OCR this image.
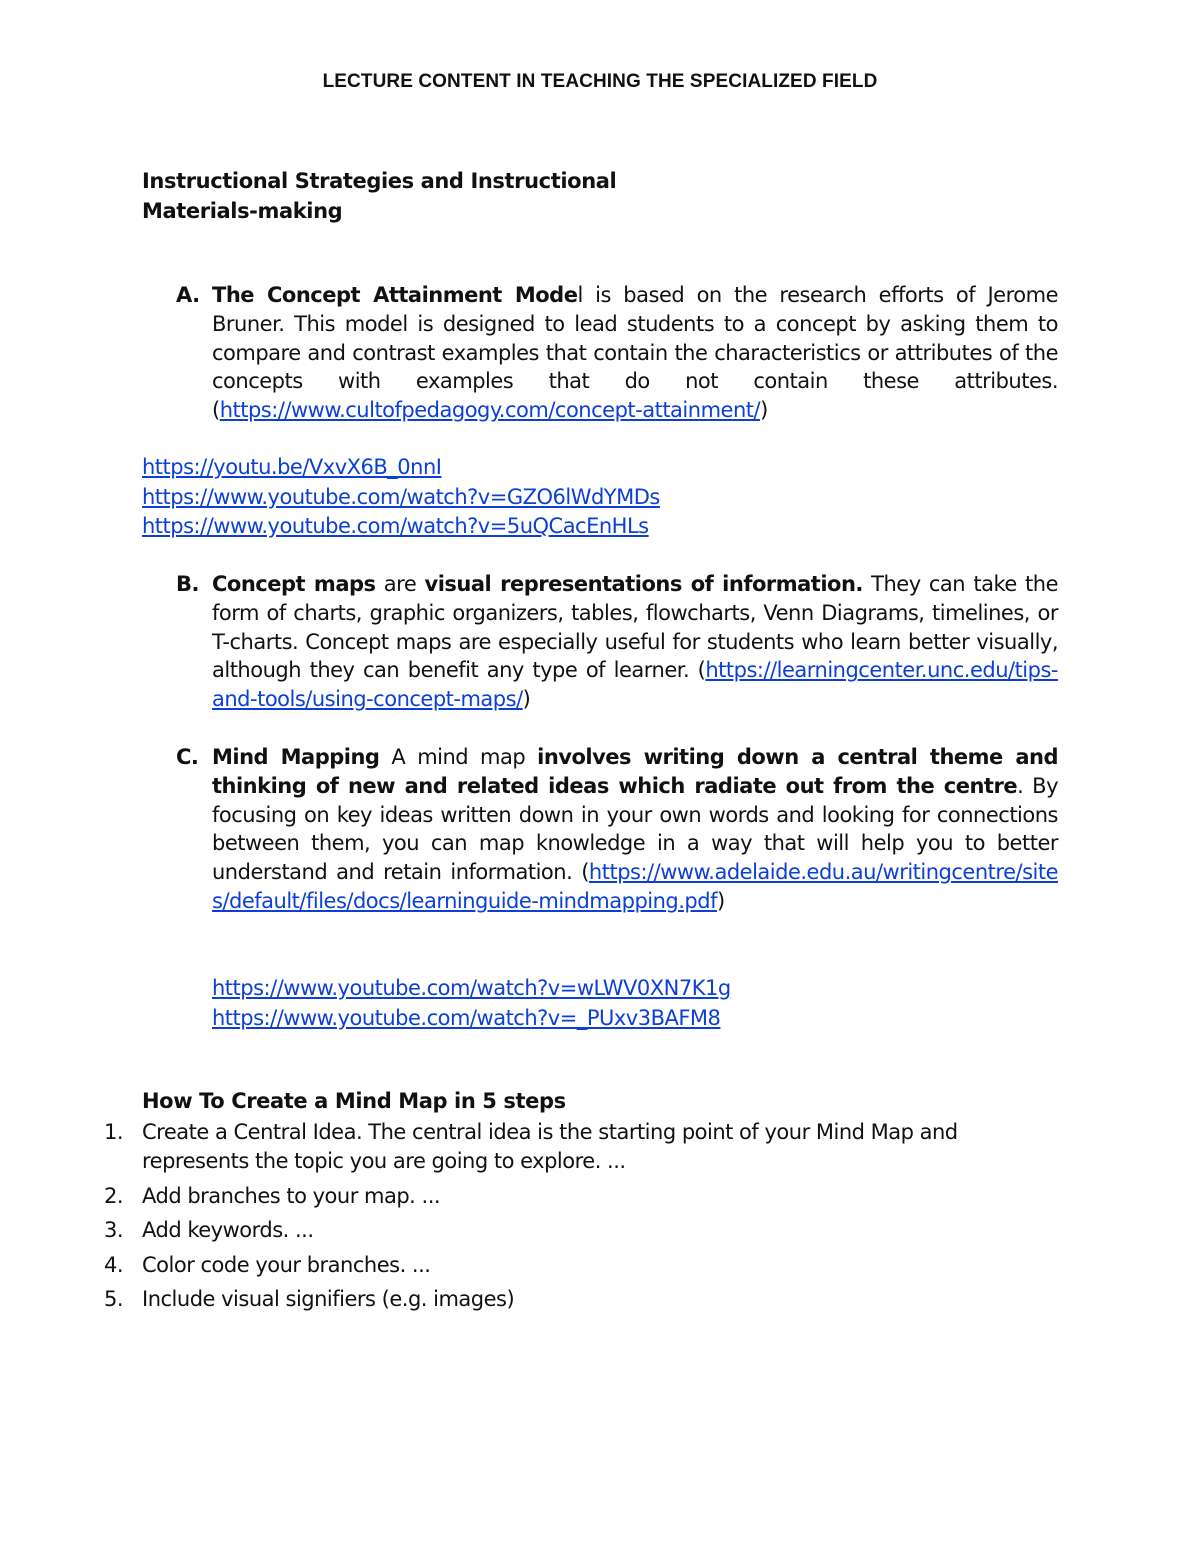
LECTURE CONTENT IN TEACHING THE SPECIALIZED FIELD
Instructional Strategies and Instructional
Materials-making
A. The Concept Attainment Model is based on the research efforts of Jerome Bruner. This model is designed to lead students to a concept by asking them to compare and contrast examples that contain the characteristics or attributes of the concepts with examples that do not contain these attributes. (https://www.cultofpedagogy.com/concept-attainment/)
https://youtu.be/VxvX6B_0nnI
https://www.youtube.com/watch?v=GZO6lWdYMDs
https://www.youtube.com/watch?v=5uQCacEnHLs
B. Concept maps are visual representations of information. They can take the form of charts, graphic organizers, tables, flowcharts, Venn Diagrams, timelines, or T-charts. Concept maps are especially useful for students who learn better visually, although they can benefit any type of learner. (https://learningcenter.unc.edu/tips-and-tools/using-concept-maps/)
C. Mind Mapping A mind map involves writing down a central theme and thinking of new and related ideas which radiate out from the centre. By focusing on key ideas written down in your own words and looking for connections between them, you can map knowledge in a way that will help you to better understand and retain information. (https://www.adelaide.edu.au/writingcentre/sites/default/files/docs/learninguide-mindmapping.pdf)
https://www.youtube.com/watch?v=wLWV0XN7K1g
https://www.youtube.com/watch?v=_PUxv3BAFM8
How To Create a Mind Map in 5 steps
1. Create a Central Idea. The central idea is the starting point of your Mind Map and represents the topic you are going to explore. ...
2. Add branches to your map. ...
3. Add keywords. ...
4. Color code your branches. ...
5. Include visual signifiers (e.g. images)
